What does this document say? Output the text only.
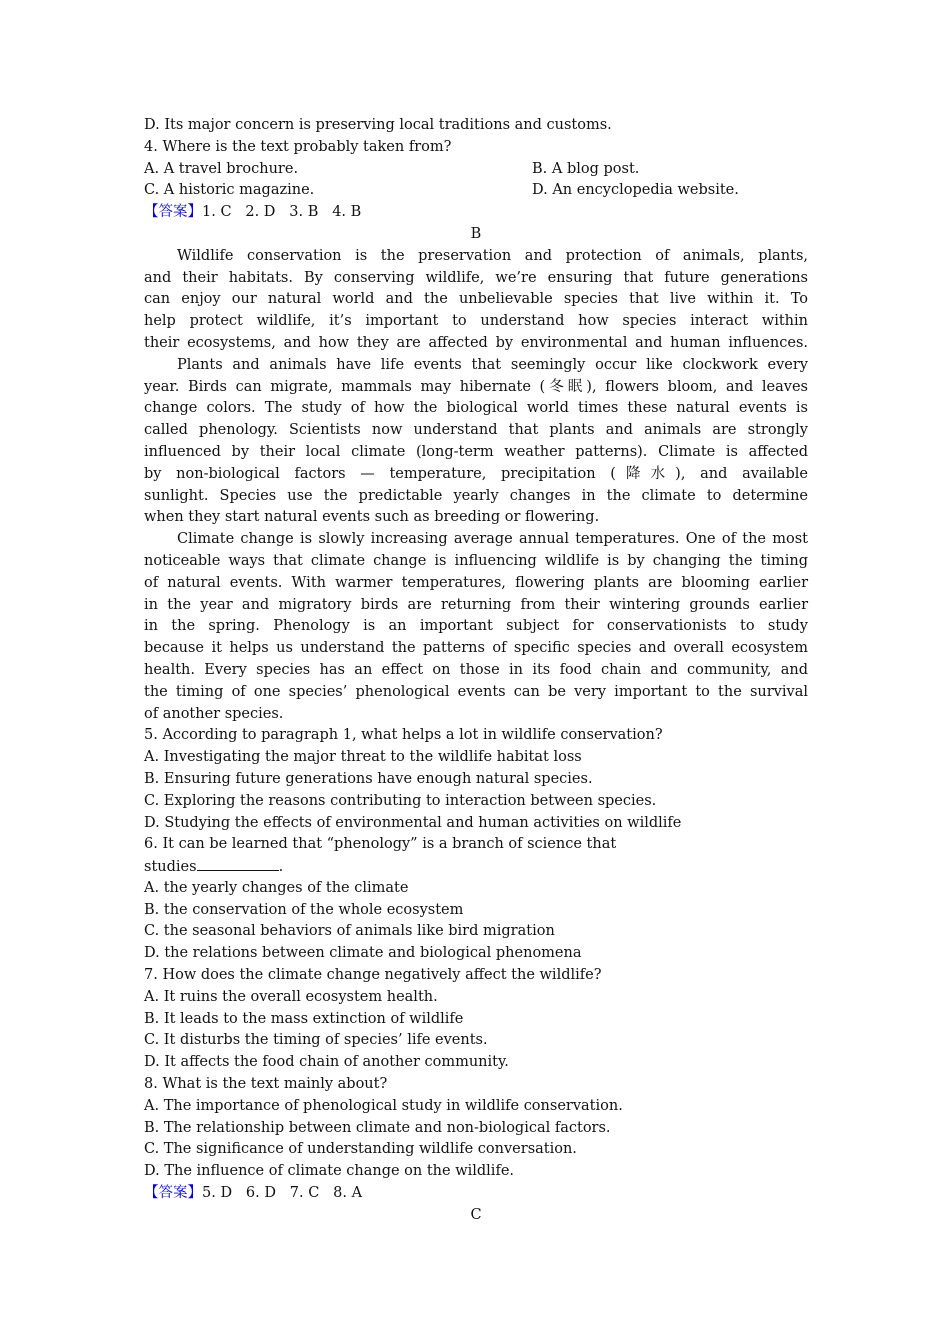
D. Its major concern is preserving local traditions and customs.
4. Where is the text probably taken from?
A. A travel brochure.	B. A blog post.
C. A historic magazine.	D. An encyclopedia website.
【答案】1. C   2. D   3. B   4. B
B
Wildlife conservation is the preservation and protection of animals, plants,
and their habitats. By conserving wildlife, we’re ensuring that future generations
can enjoy our natural world and the unbelievable species that live within it. To
help protect wildlife, it’s important to understand how species interact within
their ecosystems, and how they are affected by environmental and human influences.
Plants and animals have life events that seemingly occur like clockwork every
year. Birds can migrate, mammals may hibernate (冬眠), flowers bloom, and leaves
change colors. The study of how the biological world times these natural events is
called phenology. Scientists now understand that plants and animals are strongly
influenced by their local climate (long-term weather patterns). Climate is affected
by non-biological factors — temperature, precipitation (降水), and available
sunlight. Species use the predictable yearly changes in the climate to determine
when they start natural events such as breeding or flowering.
Climate change is slowly increasing average annual temperatures. One of the most
noticeable ways that climate change is influencing wildlife is by changing the timing
of natural events. With warmer temperatures, flowering plants are blooming earlier
in the year and migratory birds are returning from their wintering grounds earlier
in the spring. Phenology is an important subject for conservationists to study
because it helps us understand the patterns of specific species and overall ecosystem
health. Every species has an effect on those in its food chain and community, and
the timing of one species’ phenological events can be very important to the survival
of another species.
5. According to paragraph 1, what helps a lot in wildlife conservation?
A. Investigating the major threat to the wildlife habitat loss
B. Ensuring future generations have enough natural species.
C. Exploring the reasons contributing to interaction between species.
D. Studying the effects of environmental and human activities on wildlife
6. It can be learned that “phenology” is a branch of science that
studies	.
A. the yearly changes of the climate
B. the conservation of the whole ecosystem
C. the seasonal behaviors of animals like bird migration
D. the relations between climate and biological phenomena
7. How does the climate change negatively affect the wildlife?
A. It ruins the overall ecosystem health.
B. It leads to the mass extinction of wildlife
C. It disturbs the timing of species’ life events.
D. It affects the food chain of another community.
8. What is the text mainly about?
A. The importance of phenological study in wildlife conservation.
B. The relationship between climate and non-biological factors.
C. The significance of understanding wildlife conversation.
D. The influence of climate change on the wildlife.
【答案】5. D   6. D   7. C   8. A
C
